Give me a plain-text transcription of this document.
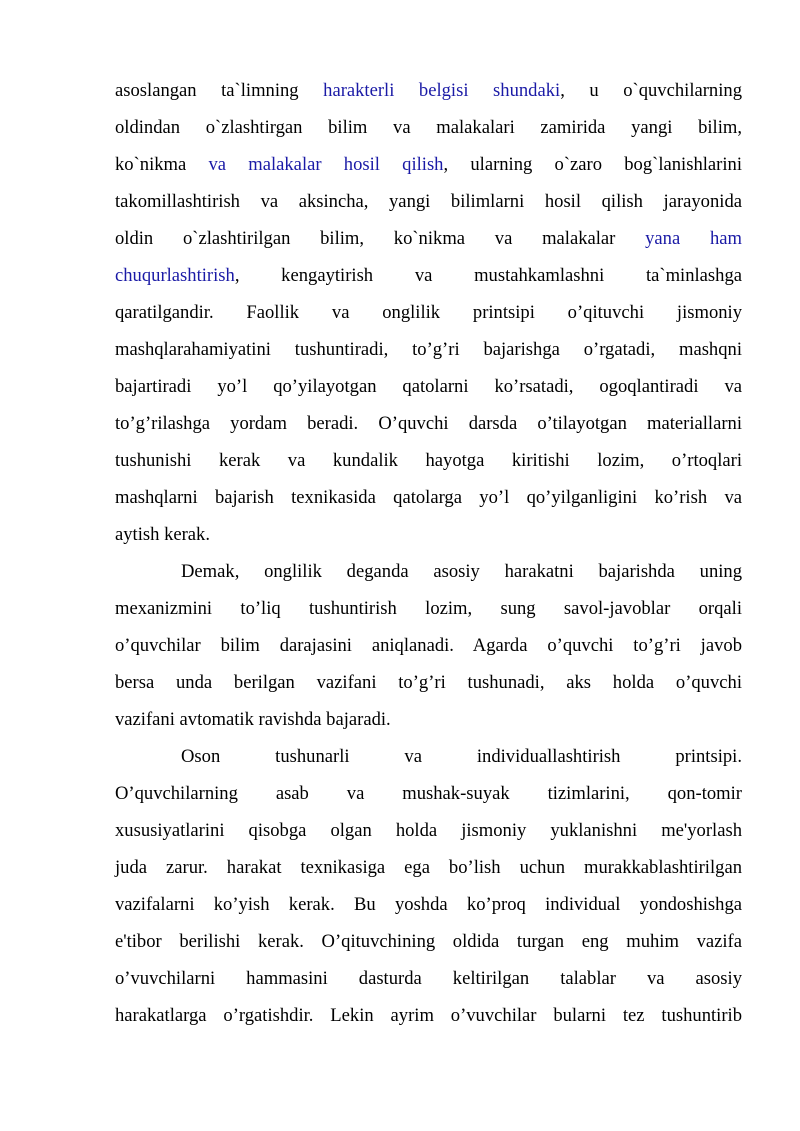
asoslangan ta`limning harakterli belgisi shundaki, u o`quvchilarning
oldindan o`zlashtirgan bilim va malakalari zamirida yangi bilim,
ko`nikma va malakalar hosil qilish, ularning o`zaro bog`lanishlarini
takomillashtirish va aksincha, yangi bilimlarni hosil qilish jarayonida
oldin o`zlashtirilgan bilim, ko`nikma va malakalar yana ham
chuqurlashtirish, kengaytirish va mustahkamlashni ta`minlashga
qaratilgandir. Faollik va onglilik printsipi o’qituvchi jismoniy
mashqlarahamiyatini tushuntiradi, to’g’ri bajarishga o’rgatadi, mashqni
bajartiradi yo’l qo’yilayotgan qatolarni ko’rsatadi, ogoqlantiradi va
to’g’rilashga yordam beradi. O’quvchi darsda o’tilayotgan materiallarni
tushunishi kerak va kundalik hayotga kiritishi lozim, o’rtoqlari
mashqlarni bajarish texnikasida qatolarga yo’l qo’yilganligini ko’rish va
aytish kerak.
Demak, onglilik deganda asosiy harakatni bajarishda uning
mexanizmini to’liq tushuntirish lozim, sung savol-javoblar orqali
o’quvchilar bilim darajasini aniqlanadi. Agarda o’quvchi to’g’ri javob
bersa unda berilgan vazifani to’g’ri tushunadi, aks holda o’quvchi
vazifani avtomatik ravishda bajaradi.
Oson tushunarli va individuallashtirish printsipi.
O’quvchilarning asab va mushak-suyak tizimlarini, qon-tomir
xususiyatlarini qisobga olgan holda jismoniy yuklanishni me'yorlash
juda zarur. harakat texnikasiga ega bo’lish uchun murakkablashtirilgan
vazifalarni ko’yish kerak. Bu yoshda ko’proq individual yondoshishga
e'tibor berilishi kerak. O’qituvchining oldida turgan eng muhim vazifa
o’vuvchilarni hammasini dasturda keltirilgan talablar va asosiy
harakatlarga o’rgatishdir. Lekin ayrim o’vuvchilar bularni tez tushuntirib
